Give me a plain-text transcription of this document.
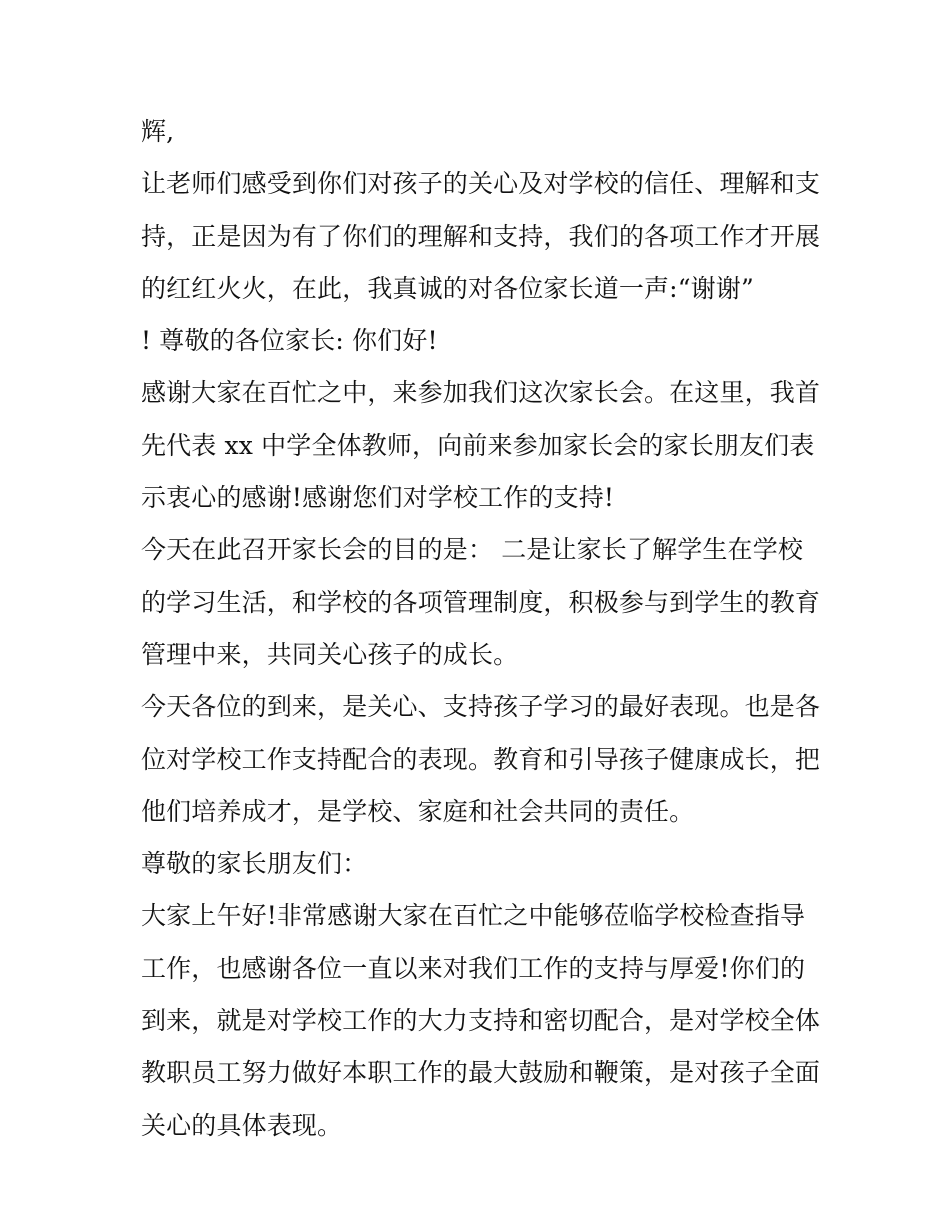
辉,
让老师们感受到你们对孩子的关心及对学校的信任、理解和支
持，正是因为有了你们的理解和支持，我们的各项工作才开展
的红红火火，在此，我真诚的对各位家长道一声:“谢谢”
! 尊敬的各位家长: 你们好!
感谢大家在百忙之中，来参加我们这次家长会。在这里，我首
先代表 xx 中学全体教师，向前来参加家长会的家长朋友们表
示衷心的感谢!感谢您们对学校工作的支持!
今天在此召开家长会的目的是： 二是让家长了解学生在学校
的学习生活，和学校的各项管理制度，积极参与到学生的教育
管理中来，共同关心孩子的成长。
今天各位的到来，是关心、支持孩子学习的最好表现。也是各
位对学校工作支持配合的表现。教育和引导孩子健康成长，把
他们培养成才，是学校、家庭和社会共同的责任。
尊敬的家长朋友们：
大家上午好!非常感谢大家在百忙之中能够莅临学校检查指导
工作，也感谢各位一直以来对我们工作的支持与厚爱!你们的
到来，就是对学校工作的大力支持和密切配合，是对学校全体
教职员工努力做好本职工作的最大鼓励和鞭策，是对孩子全面
关心的具体表现。
